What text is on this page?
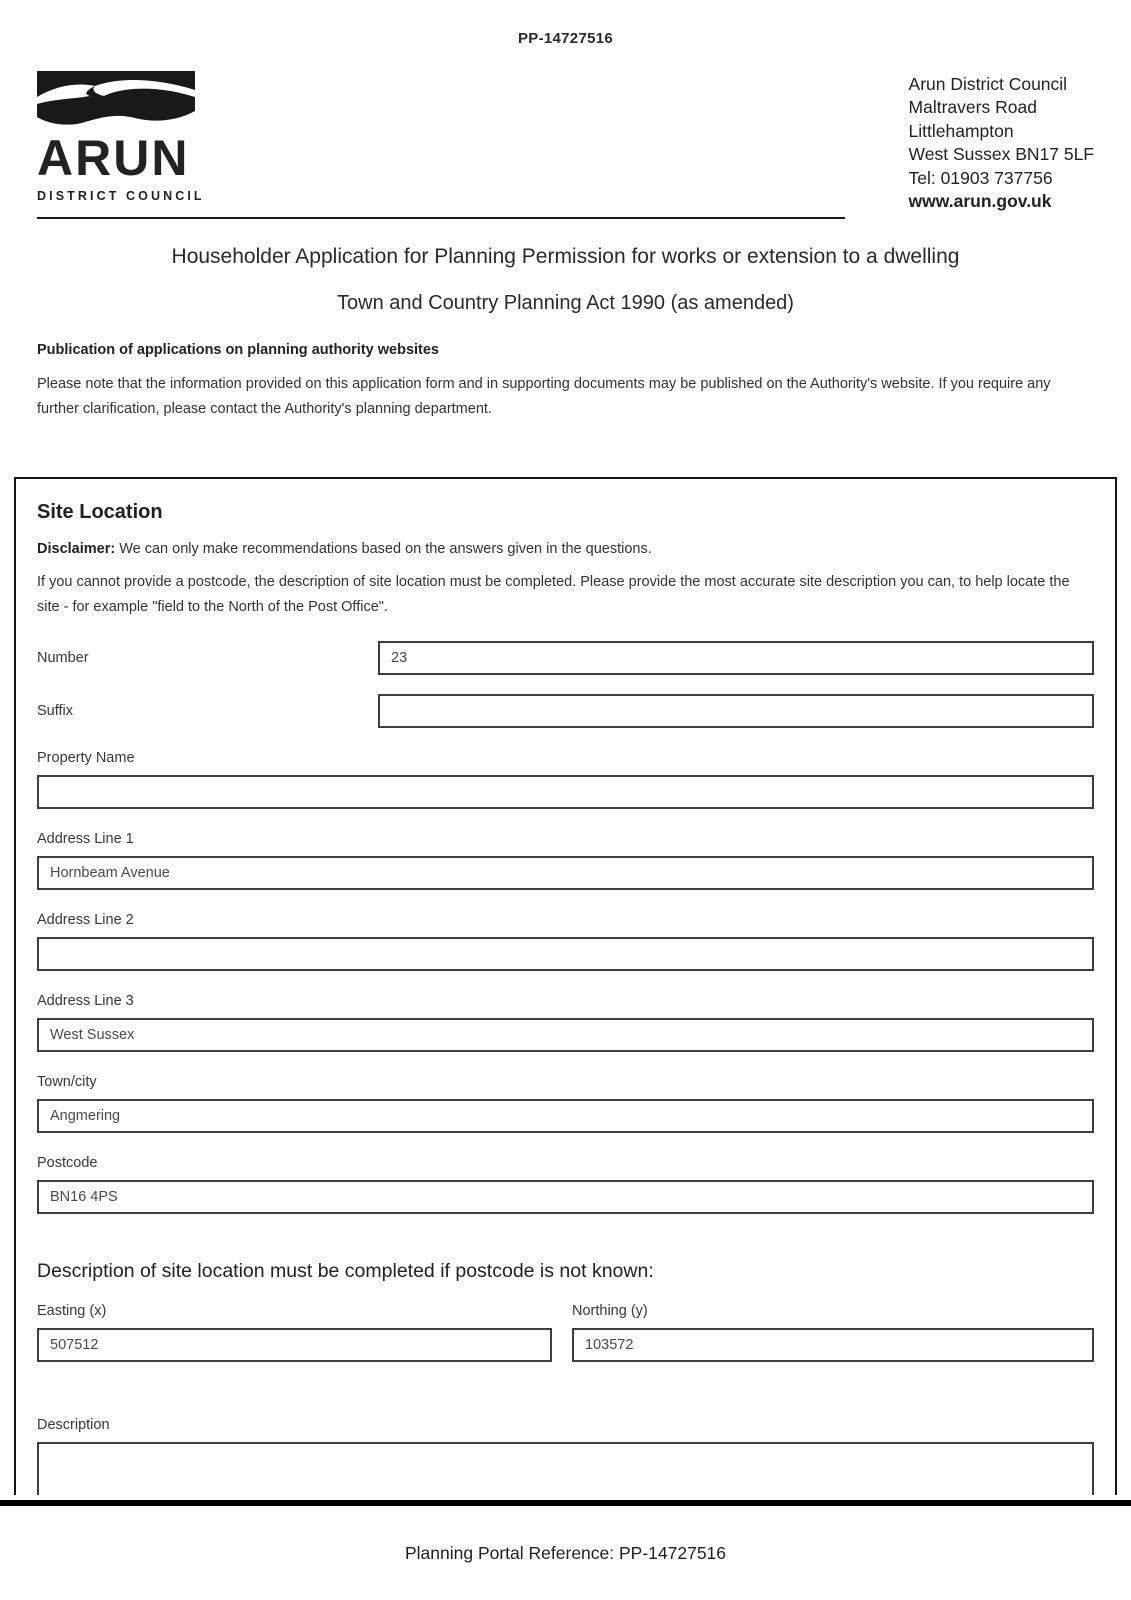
PP-14727516
ARUN
DISTRICT COUNCIL
Arun District Council
Maltravers Road
Littlehampton
West Sussex BN17 5LF
Tel: 01903 737756
www.arun.gov.uk
Householder Application for Planning Permission for works or extension to a dwelling
Town and Country Planning Act 1990 (as amended)
Publication of applications on planning authority websites

Please note that the information provided on this application form and in supporting documents may be published on the Authority's website. If you require any further clarification, please contact the Authority's planning department.

Site Location

Disclaimer: We can only make recommendations based on the answers given in the questions.

If you cannot provide a postcode, the description of site location must be completed. Please provide the most accurate site description you can, to help locate the site - for example "field to the North of the Post Office".

Number
23
Suffix
Property Name
Address Line 1
Hornbeam Avenue
Address Line 2
Address Line 3
West Sussex
Town/city
Angmering
Postcode
BN16 4PS
Description of site location must be completed if postcode is not known:
Easting (x)
507512	Northing (y)
103572
Description
Planning Portal Reference: PP-14727516
